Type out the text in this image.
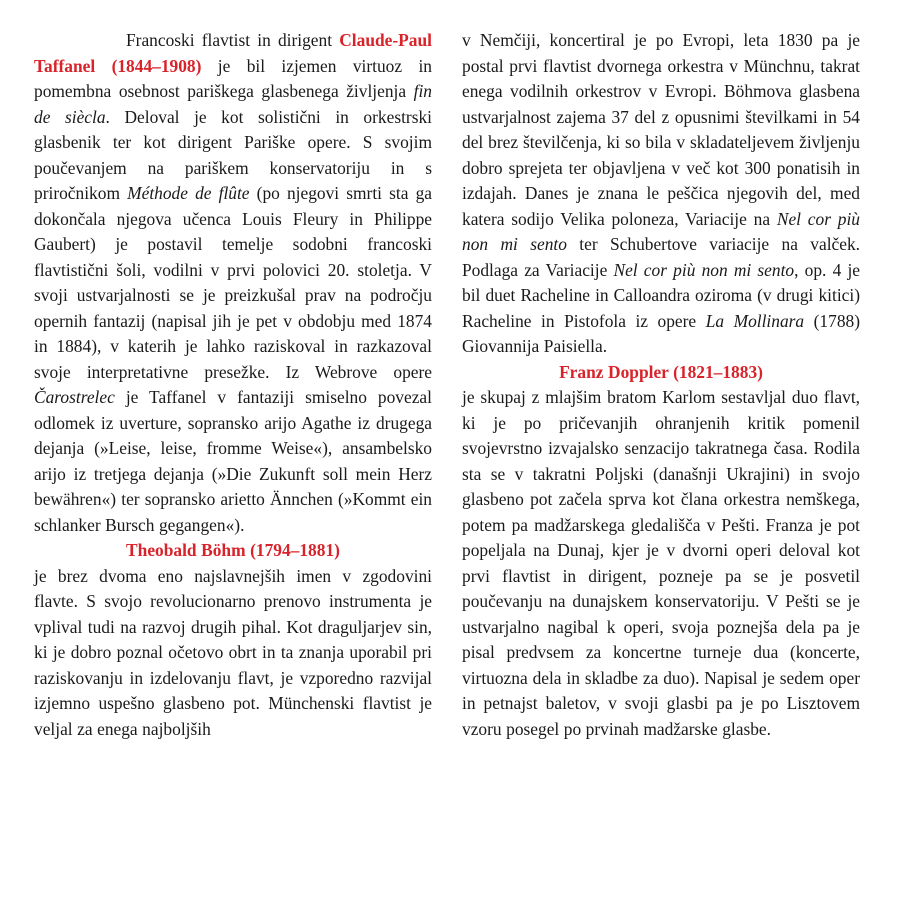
Francoski flavtist in dirigent Claude-Paul Taffanel (1844–1908) je bil izjemen virtuoz in pomembna osebnost pariškega glasbenega življenja fin de siècla. Deloval je kot solistični in orkestrski glasbenik ter kot dirigent Pariške opere. S svojim poučevanjem na pariškem konservatoriju in s priročnikom Méthode de flûte (po njegovi smrti sta ga dokončala njegova učenca Louis Fleury in Philippe Gaubert) je postavil temelje sodobni francoski flavtistični šoli, vodilni v prvi polovici 20. stoletja. V svoji ustvarjalnosti se je preizkušal prav na področju opernih fantazij (napisal jih je pet v obdobju med 1874 in 1884), v katerih je lahko raziskoval in razkazoval svoje interpretativne presežke. Iz Webrove opere Čarostrelec je Taffanel v fantaziji smiselno povezal odlomek iz uverture, sopransko arijo Agathe iz drugega dejanja (»Leise, leise, fromme Weise«), ansambelsko arijo iz tretjega dejanja (»Die Zukunft soll mein Herz bewähren«) ter sopransko arietto Ännchen (»Kommt ein schlanker Bursch gegangen«).

Theobald Böhm (1794–1881)
je brez dvoma eno najslavnejših imen v zgodovini flavte. S svojo revolucionarno prenovo instrumenta je vplival tudi na razvoj drugih pihal. Kot draguljarjev sin, ki je dobro poznal očetovo obrt in ta znanja uporabil pri raziskovanju in izdelovanju flavt, je vzporedno razvijal izjemno uspešno glasbeno pot. Münchenski flavtist je veljal za enega najboljših

v Nemčiji, koncertiral je po Evropi, leta 1830 pa je postal prvi flavtist dvornega orkestra v Münchnu, takrat enega vodilnih orkestrov v Evropi. Böhmova glasbena ustvarjalnost zajema 37 del z opusnimi številkami in 54 del brez številčenja, ki so bila v skladateljevem življenju dobro sprejeta ter objavljena v več kot 300 ponatisih in izdajah. Danes je znana le peščica njegovih del, med katera sodijo Velika poloneza, Variacije na Nel cor più non mi sento ter Schubertove variacije na valček. Podlaga za Variacije Nel cor più non mi sento, op. 4 je bil duet Racheline in Calloandra oziroma (v drugi kitici) Racheline in Pistofola iz opere La Mollinara (1788) Giovannija Paisiella.

Franz Doppler (1821–1883)
je skupaj z mlajšim bratom Karlom sestavljal duo flavt, ki je po pričevanjih ohranjenih kritik pomenil svojevrstno izvajalsko senzacijo takratnega časa. Rodila sta se v takratni Poljski (današnji Ukrajini) in svojo glasbeno pot začela sprva kot člana orkestra nemškega, potem pa madžarskega gledališča v Pešti. Franza je pot popeljala na Dunaj, kjer je v dvorni operi deloval kot prvi flavtist in dirigent, pozneje pa se je posvetil poučevanju na dunajskem konservatoriju. V Pešti se je ustvarjalno nagibal k operi, svoja poznejša dela pa je pisal predvsem za koncertne turneje dua (koncerte, virtuozna dela in skladbe za duo). Napisal je sedem oper in petnajst baletov, v svoji glasbi pa je po Lisztovem vzoru posegel po prvinah madžarske glasbe.
